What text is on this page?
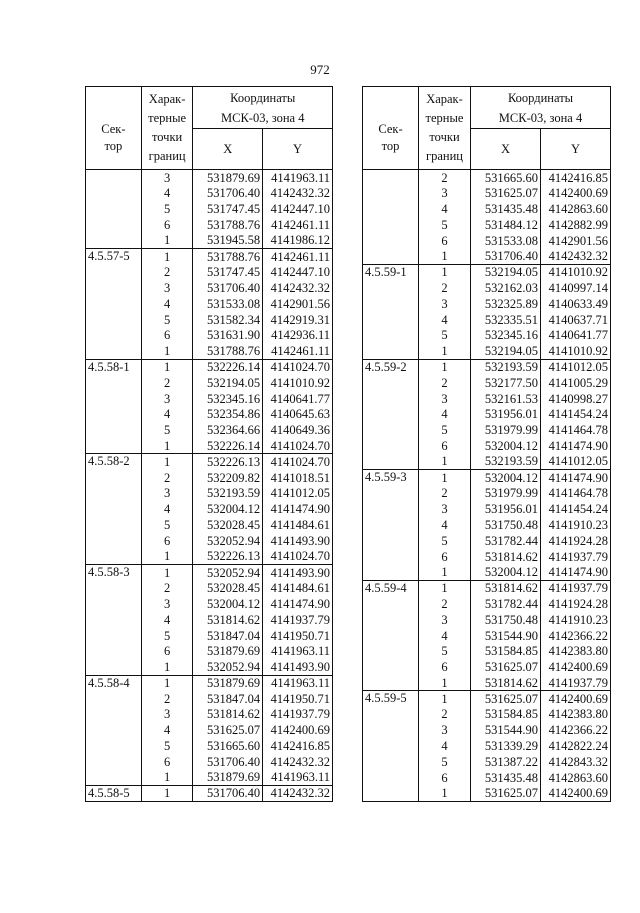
972
Сек-
тор	Харак-
терные
точки
границ	Координаты
МСК-03, зона 4	
		X	Y
	3	531879.69	4141963.11
	4	531706.40	4142432.32
	5	531747.45	4142447.10
	6	531788.76	4142461.11
	1	531945.58	4141986.12
4.5.57-5	1	531788.76	4142461.11
	2	531747.45	4142447.10
	3	531706.40	4142432.32
	4	531533.08	4142901.56
	5	531582.34	4142919.31
	6	531631.90	4142936.11
	1	531788.76	4142461.11
4.5.58-1	1	532226.14	4141024.70
	2	532194.05	4141010.92
	3	532345.16	4140641.77
	4	532354.86	4140645.63
	5	532364.66	4140649.36
	1	532226.14	4141024.70
4.5.58-2	1	532226.13	4141024.70
	2	532209.82	4141018.51
	3	532193.59	4141012.05
	4	532004.12	4141474.90
	5	532028.45	4141484.61
	6	532052.94	4141493.90
	1	532226.13	4141024.70
4.5.58-3	1	532052.94	4141493.90
	2	532028.45	4141484.61
	3	532004.12	4141474.90
	4	531814.62	4141937.79
	5	531847.04	4141950.71
	6	531879.69	4141963.11
	1	532052.94	4141493.90
4.5.58-4	1	531879.69	4141963.11
	2	531847.04	4141950.71
	3	531814.62	4141937.79
	4	531625.07	4142400.69
	5	531665.60	4142416.85
	6	531706.40	4142432.32
	1	531879.69	4141963.11
4.5.58-5	1	531706.40	4142432.32
Сек-
тор	Харак-
терные
точки
границ	Координаты
МСК-03, зона 4	
		X	Y
	2	531665.60	4142416.85
	3	531625.07	4142400.69
	4	531435.48	4142863.60
	5	531484.12	4142882.99
	6	531533.08	4142901.56
	1	531706.40	4142432.32
4.5.59-1	1	532194.05	4141010.92
	2	532162.03	4140997.14
	3	532325.89	4140633.49
	4	532335.51	4140637.71
	5	532345.16	4140641.77
	1	532194.05	4141010.92
4.5.59-2	1	532193.59	4141012.05
	2	532177.50	4141005.29
	3	532161.53	4140998.27
	4	531956.01	4141454.24
	5	531979.99	4141464.78
	6	532004.12	4141474.90
	1	532193.59	4141012.05
4.5.59-3	1	532004.12	4141474.90
	2	531979.99	4141464.78
	3	531956.01	4141454.24
	4	531750.48	4141910.23
	5	531782.44	4141924.28
	6	531814.62	4141937.79
	1	532004.12	4141474.90
4.5.59-4	1	531814.62	4141937.79
	2	531782.44	4141924.28
	3	531750.48	4141910.23
	4	531544.90	4142366.22
	5	531584.85	4142383.80
	6	531625.07	4142400.69
	1	531814.62	4141937.79
4.5.59-5	1	531625.07	4142400.69
	2	531584.85	4142383.80
	3	531544.90	4142366.22
	4	531339.29	4142822.24
	5	531387.22	4142843.32
	6	531435.48	4142863.60
	1	531625.07	4142400.69
